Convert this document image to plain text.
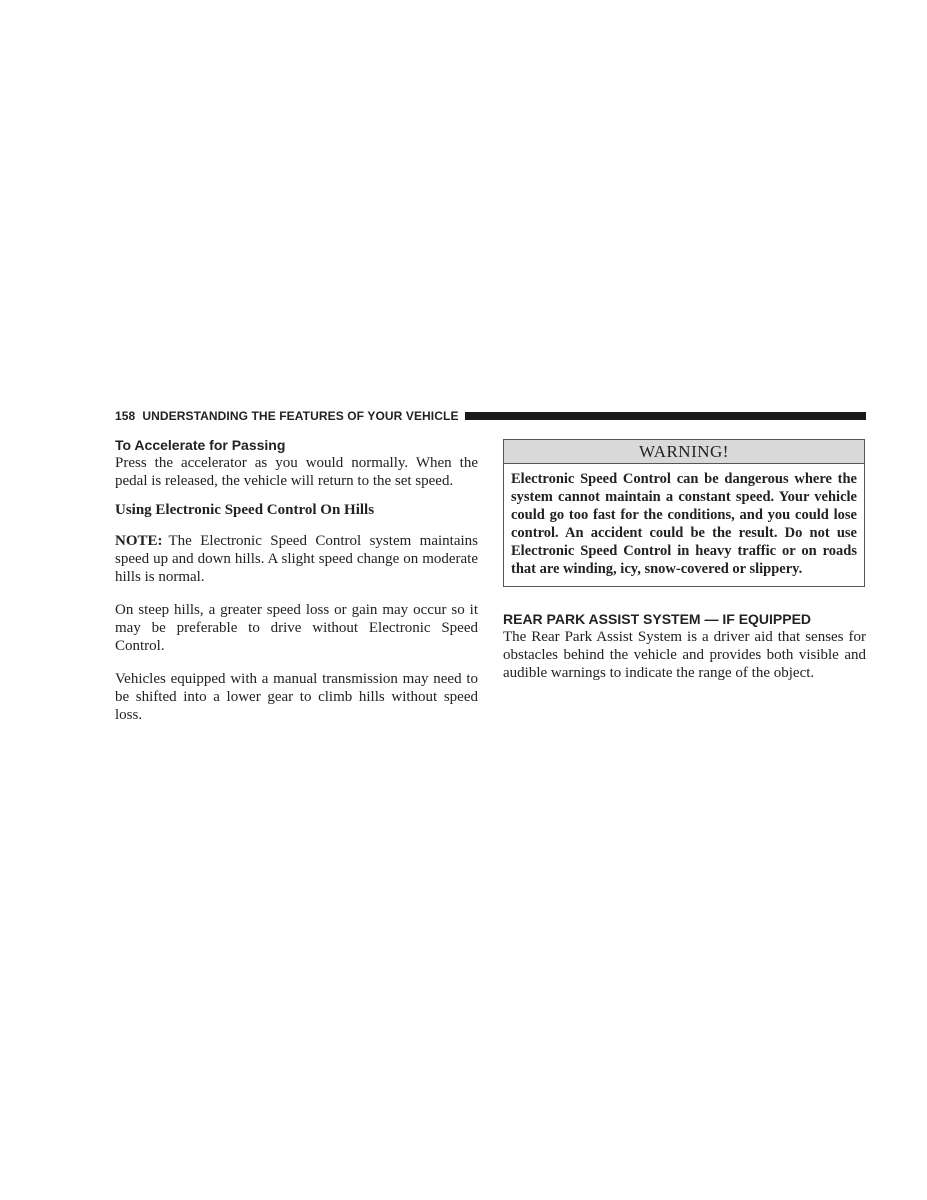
158 UNDERSTANDING THE FEATURES OF YOUR VEHICLE
To Accelerate for Passing

Press the accelerator as you would normally. When the pedal is released, the vehicle will return to the set speed.

Using Electronic Speed Control On Hills

NOTE: The Electronic Speed Control system maintains speed up and down hills. A slight speed change on moderate hills is normal.

On steep hills, a greater speed loss or gain may occur so it may be preferable to drive without Electronic Speed Control.

Vehicles equipped with a manual transmission may need to be shifted into a lower gear to climb hills without speed loss.

WARNING!
Electronic Speed Control can be dangerous where the system cannot maintain a constant speed. Your vehicle could go too fast for the conditions, and you could lose control. An accident could be the result. Do not use Electronic Speed Control in heavy traffic or on roads that are winding, icy, snow-covered or slippery.
REAR PARK ASSIST SYSTEM — IF EQUIPPED

The Rear Park Assist System is a driver aid that senses for obstacles behind the vehicle and provides both visible and audible warnings to indicate the range of the object.
